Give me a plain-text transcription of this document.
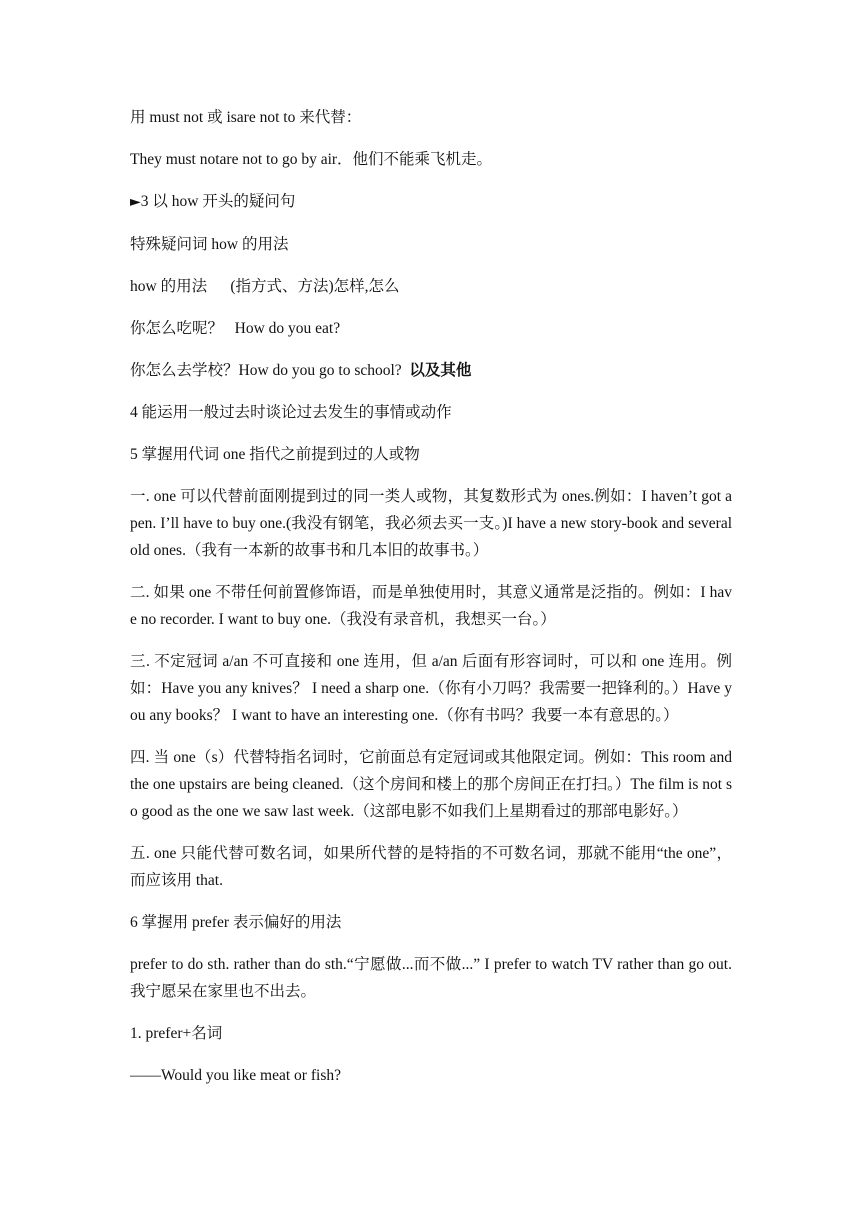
用 must not 或 isare not to 来代替：

They must notare not to go by air．他们不能乘飞机走。

►3 以 how 开头的疑问句

特殊疑问词 how 的用法

how 的用法      (指方式、方法)怎样,怎么

你怎么吃呢？   How do you eat?

你怎么去学校？How do you go to school?  以及其他

4 能运用一般过去时谈论过去发生的事情或动作

5 掌握用代词 one 指代之前提到过的人或物

一. one 可以代替前面刚提到过的同一类人或物，其复数形式为 ones.例如：I haven’t got a pen. I’ll have to buy one.(我没有钢笔，我必须去买一支。)I have a new story-book and several old ones.（我有一本新的故事书和几本旧的故事书。）

二. 如果 one 不带任何前置修饰语，而是单独使用时，其意义通常是泛指的。例如：I have no recorder. I want to buy one.（我没有录音机，我想买一台。）

三. 不定冠词 a/an 不可直接和 one 连用，但 a/an 后面有形容词时，可以和 one 连用。例如：Have you any knives？ I need a sharp one.（你有小刀吗？我需要一把锋利的。）Have you any books？ I want to have an interesting one.（你有书吗？我要一本有意思的。）

四. 当 one（s）代替特指名词时，它前面总有定冠词或其他限定词。例如：This room and the one upstairs are being cleaned.（这个房间和楼上的那个房间正在打扫。）The film is not so good as the one we saw last week.（这部电影不如我们上星期看过的那部电影好。）

五. one 只能代替可数名词，如果所代替的是特指的不可数名词，那就不能用“the one”，而应该用 that.

6 掌握用 prefer 表示偏好的用法

prefer to do sth. rather than do sth.“宁愿做...而不做...” I prefer to watch TV rather than go out.我宁愿呆在家里也不出去。

1. prefer+名词

——Would you like meat or fish?
